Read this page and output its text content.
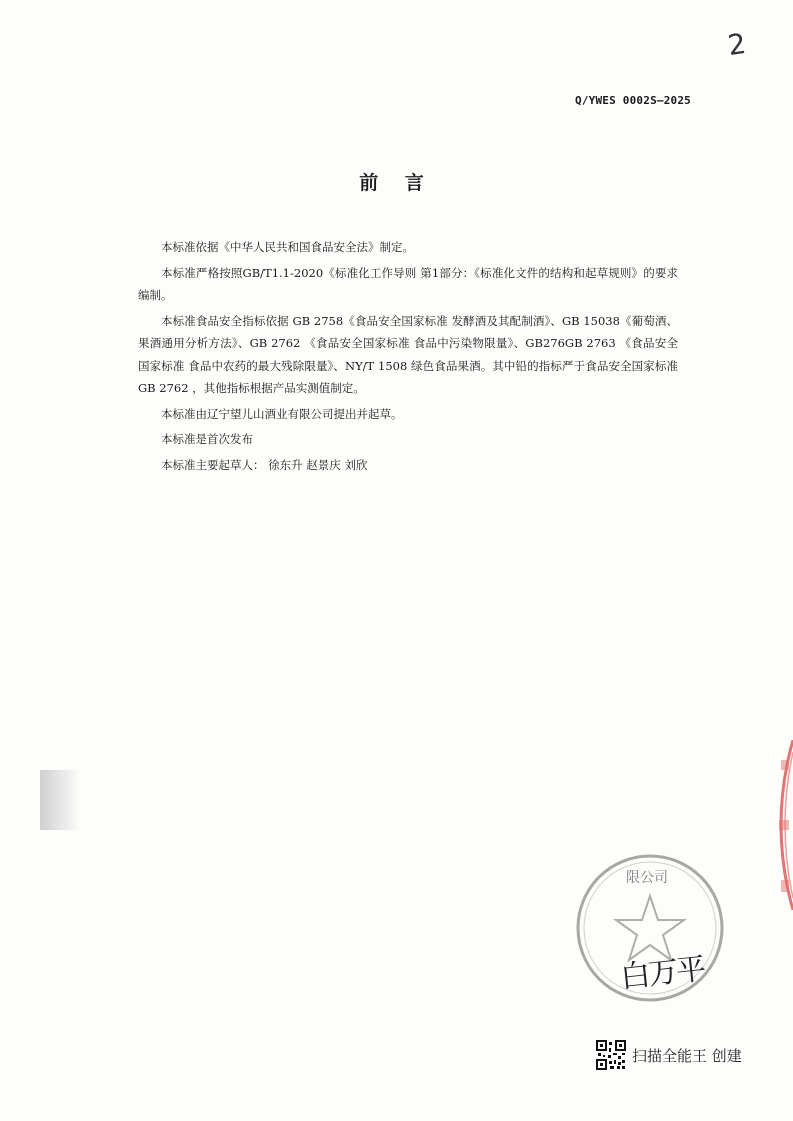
2
Q/YWES 0002S—2025
前 言

本标准依据《中华人民共和国食品安全法》制定。

本标准严格按照GB/T1.1-2020《标准化工作导则 第1部分：《标准化文件的结构和起草规则》的要求编制。

本标准食品安全指标依据 GB 2758《食品安全国家标准 发酵酒及其配制酒》、GB 15038《葡萄酒、果酒通用分析方法》、GB 2762 《食品安全国家标准 食品中污染物限量》、GB276GB 2763 《食品安全国家标准 食品中农药的最大残除限量》、NY/T 1508 绿色食品果酒。其中铅的指标严于食品安全国家标准 GB 2762 ，其他指标根据产品实测值制定。

本标准由辽宁望儿山酒业有限公司提出并起草。

本标准是首次发布

本标准主要起草人： 徐东升 赵景庆 刘欣

限公司
白万平
扫描全能王 创建
